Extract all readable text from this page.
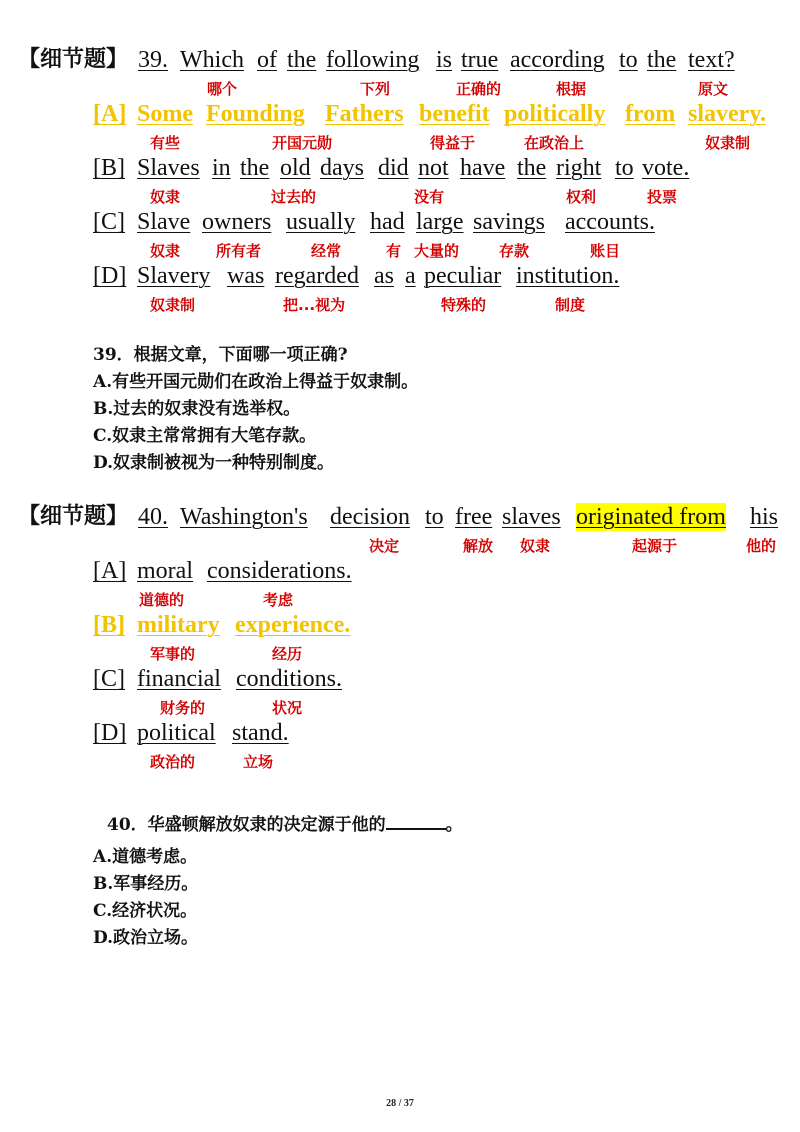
【细节题】 39. Which of the following is true according to the text?
哪个	下列	正确的	根据	原文
[A] Some Founding Fathers benefit politically from slavery.
有些	开国元勋	得益于	在政治上	奴隶制
[B] Slaves in the old days did not have the right to vote.
奴隶	过去的	没有	权利	投票
[C] Slave owners usually had large savings accounts.
奴隶 所有者	经常	有 大量的	存款	账目
[D] Slavery was regarded as a peculiar institution.
奴隶制	把...视为	特殊的	制度
39．根据文章，下面哪一项正确?
A.有些开国元勋们在政治上得益于奴隶制。
B.过去的奴隶没有选举权。
C.奴隶主常常拥有大笔存款。
D.奴隶制被视为一种特别制度。
【细节题】 40. Washington's decision to free slaves originated from his
决定	解放 奴隶	起源于	他的
[A] moral considerations.
道德的	考虑
[B] military experience.
军事的	经历
[C] financial conditions.
财务的	状况
[D] political stand.
政治的	立场
40．华盛顿解放奴隶的决定源于他的	。
A.道德考虑。
B.军事经历。
C.经济状况。
D.政治立场。
28 / 37
